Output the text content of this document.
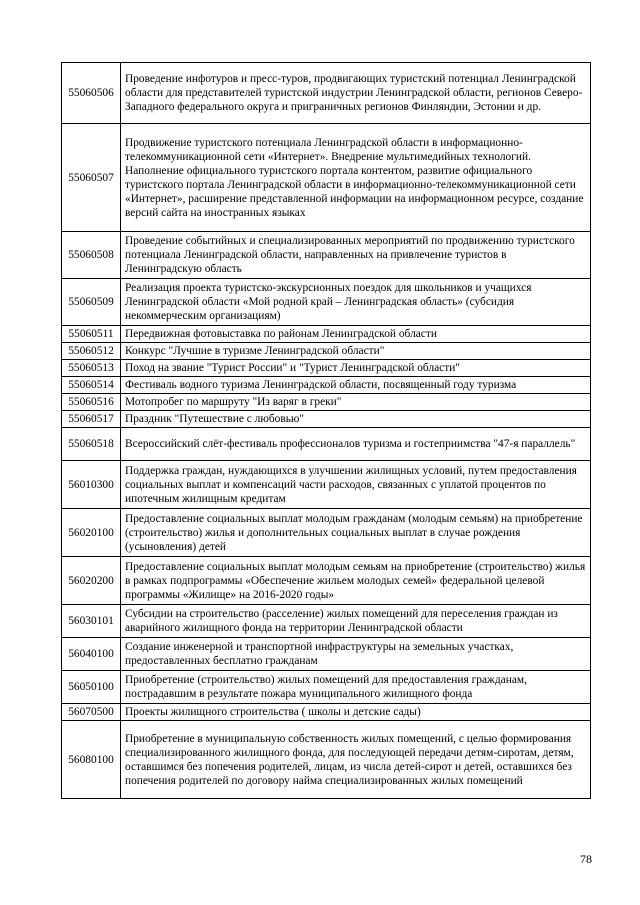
55060506	Проведение инфотуров и пресс-туров, продвигающих туристский потенциал Ленинградской области для представителей туристской индустрии Ленинградской области, регионов Северо-Западного федерального округа и приграничных регионов Финляндии, Эстонии и др.
55060507	Продвижение туристского потенциала Ленинградской области в информационно-телекоммуникационной сети «Интернет». Внедрение мультимедийных технологий. Наполнение официального туристского портала контентом, развитие официального туристского портала Ленинградской области в информационно-телекоммуникационной сети «Интернет», расширение представленной информации на информационном ресурсе, создание версий сайта на иностранных языках
55060508	Проведение событийных и специализированных мероприятий по продвижению туристского потенциала Ленинградской области, направленных на привлечение туристов в Ленинградскую область
55060509	Реализация проекта туристско-экскурсионных поездок для школьников и учащихся Ленинградской области «Мой родной край – Ленинградская область» (субсидия некоммерческим организациям)
55060511	Передвижная фотовыставка по районам Ленинградской области
55060512	Конкурс "Лучшие в туризме Ленинградской области"
55060513	Поход на звание "Турист России" и "Турист Ленинградской области"
55060514	Фестиваль водного туризма Ленинградской области, посвященный году туризма
55060516	Мотопробег по маршруту "Из варяг в греки"
55060517	Праздник "Путешествие с любовью"
55060518	Всероссийский слёт-фестиваль профессионалов туризма и гостеприимства "47-я параллель"
56010300	Поддержка граждан, нуждающихся в улучшении жилищных условий, путем предоставления социальных выплат и компенсаций части расходов, связанных с уплатой процентов по ипотечным жилищным кредитам
56020100	Предоставление социальных выплат молодым гражданам (молодым семьям) на приобретение (строительство) жилья и дополнительных социальных выплат в случае рождения (усыновления) детей
56020200	Предоставление социальных выплат молодым семьям на приобретение (строительство) жилья в рамках подпрограммы «Обеспечение жильем молодых семей» федеральной целевой программы «Жилище» на 2016-2020 годы»
56030101	Субсидии на строительство (расселение) жилых помещений для переселения граждан из аварийного жилищного фонда на территории Ленинградской области
56040100	Создание инженерной и транспортной инфраструктуры на земельных участках, предоставленных бесплатно гражданам
56050100	Приобретение (строительство) жилых помещений для предоставления гражданам, пострадавшим в результате пожара муниципального жилищного фонда
56070500	Проекты жилищного строительства ( школы и детские сады)
56080100	Приобретение в муниципальную собственность жилых помещений, с целью формирования специализированного жилищного фонда, для последующей передачи детям-сиротам, детям, оставшимся без попечения родителей, лицам, из числа детей-сирот и детей, оставшихся без попечения родителей по договору найма специализированных жилых помещений
78
